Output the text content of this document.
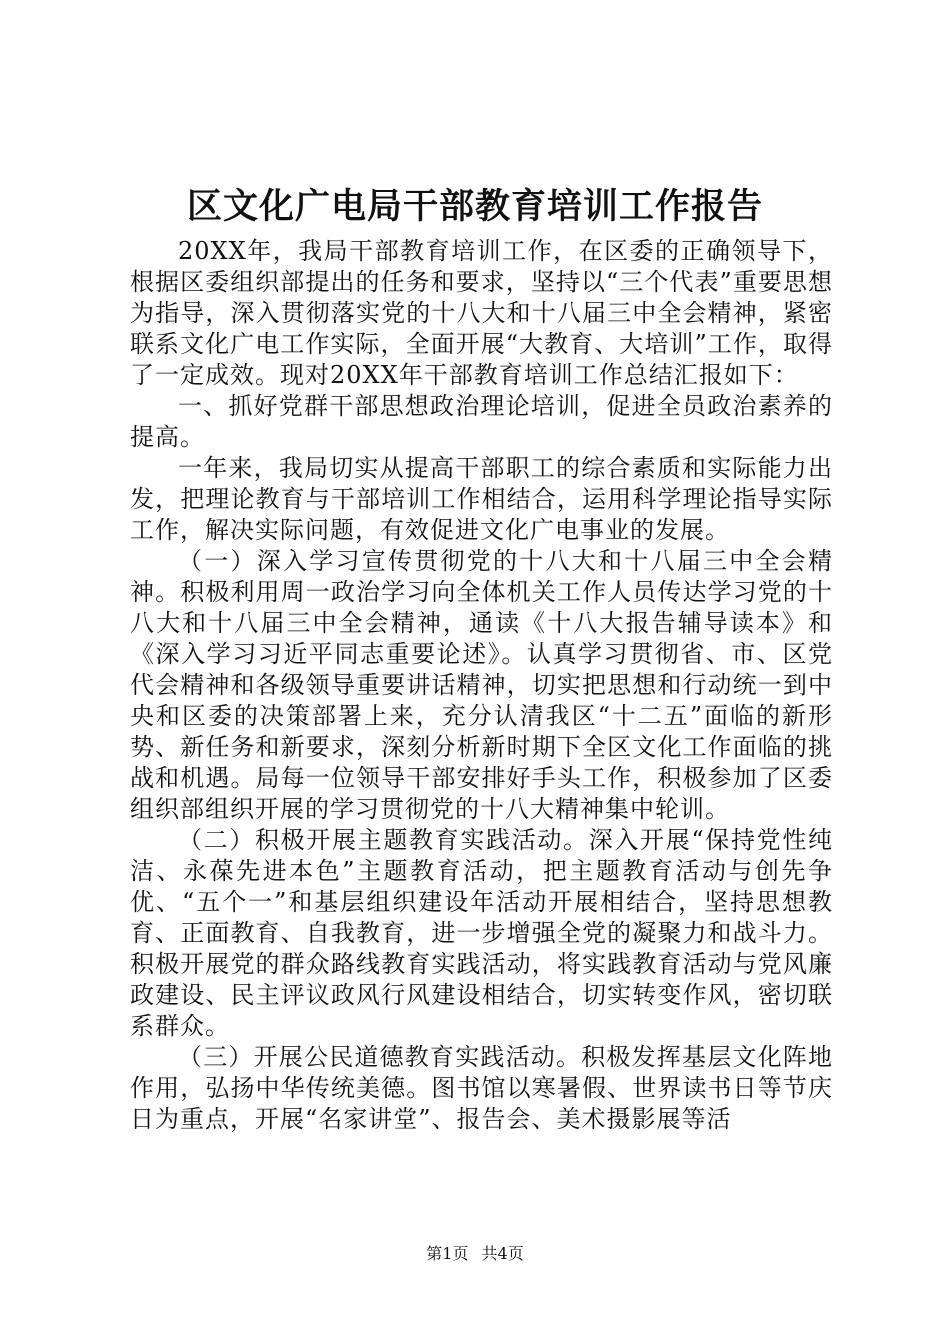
区文化广电局干部教育培训工作报告

20XX年，我局干部教育培训工作，在区委的正确领导下，根据区委组织部提出的任务和要求，坚持以“三个代表”重要思想为指导，深入贯彻落实党的十八大和十八届三中全会精神，紧密联系文化广电工作实际，全面开展“大教育、大培训”工作，取得了一定成效。现对20XX年干部教育培训工作总结汇报如下：

一、抓好党群干部思想政治理论培训，促进全员政治素养的提高。

一年来，我局切实从提高干部职工的综合素质和实际能力出发，把理论教育与干部培训工作相结合，运用科学理论指导实际工作，解决实际问题，有效促进文化广电事业的发展。

（一）深入学习宣传贯彻党的十八大和十八届三中全会精神。积极利用周一政治学习向全体机关工作人员传达学习党的十八大和十八届三中全会精神，通读《十八大报告辅导读本》和《深入学习习近平同志重要论述》。认真学习贯彻省、市、区党代会精神和各级领导重要讲话精神，切实把思想和行动统一到中央和区委的决策部署上来，充分认清我区“十二五”面临的新形势、新任务和新要求，深刻分析新时期下全区文化工作面临的挑战和机遇。局每一位领导干部安排好手头工作，积极参加了区委组织部组织开展的学习贯彻党的十八大精神集中轮训。

（二）积极开展主题教育实践活动。深入开展“保持党性纯洁、永葆先进本色”主题教育活动，把主题教育活动与创先争优、“五个一”和基层组织建设年活动开展相结合，坚持思想教育、正面教育、自我教育，进一步增强全党的凝聚力和战斗力。积极开展党的群众路线教育实践活动，将实践教育活动与党风廉政建设、民主评议政风行风建设相结合，切实转变作风，密切联系群众。

（三）开展公民道德教育实践活动。积极发挥基层文化阵地作用，弘扬中华传统美德。图书馆以寒暑假、世界读书日等节庆日为重点，开展“名家讲堂”、报告会、美术摄影展等活

第1页 共4页
